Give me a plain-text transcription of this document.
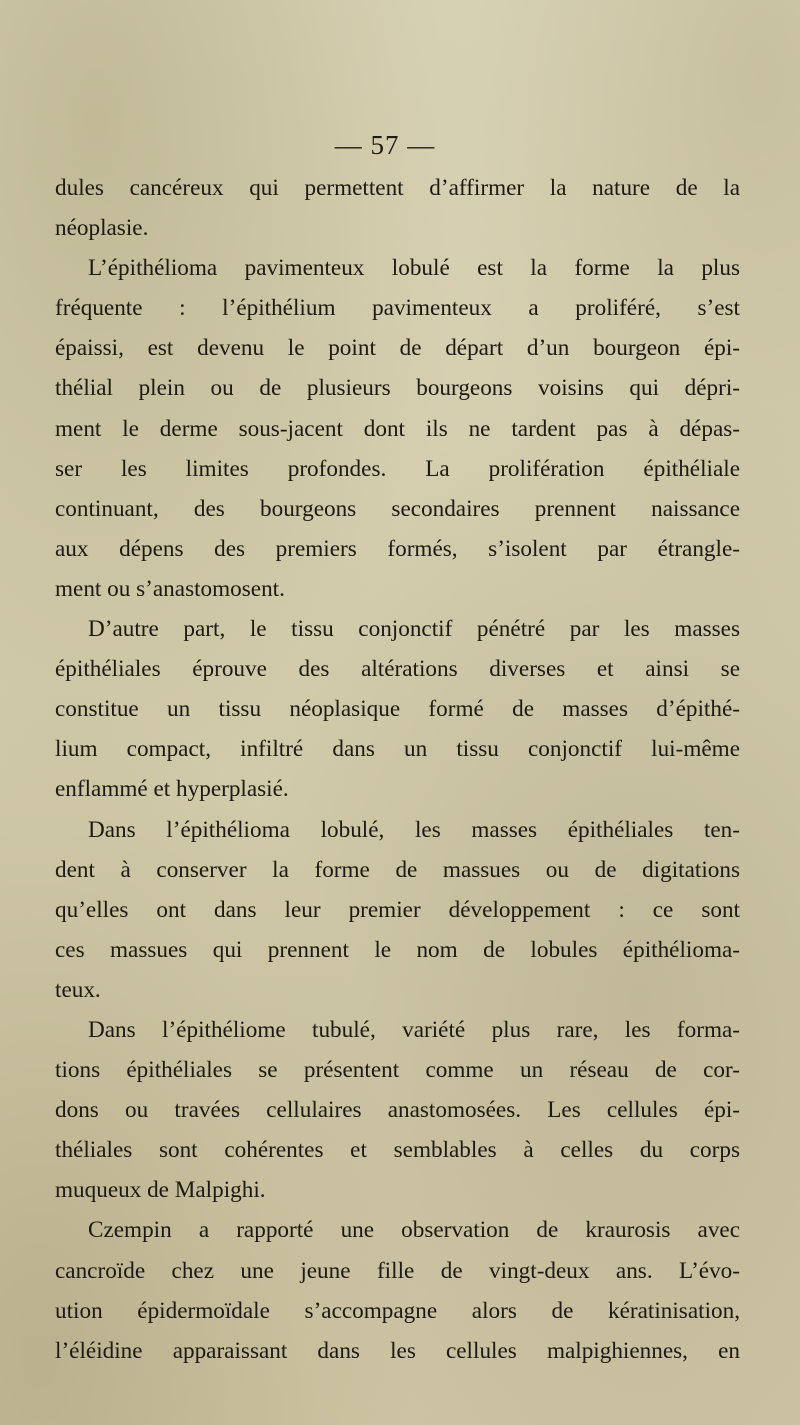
— 57 —
dules cancéreux qui permettent d’affirmer la nature de la
néoplasie.
L’épithélioma pavimenteux lobulé est la forme la plus
fréquente : l’épithélium pavimenteux a proliféré, s’est
épaissi, est devenu le point de départ d’un bourgeon épi-
thélial plein ou de plusieurs bourgeons voisins qui dépri-
ment le derme sous-jacent dont ils ne tardent pas à dépas-
ser les limites profondes. La prolifération épithéliale
continuant, des bourgeons secondaires prennent naissance
aux dépens des premiers formés, s’isolent par étrangle-
ment ou s’anastomosent.
D’autre part, le tissu conjonctif pénétré par les masses
épithéliales éprouve des altérations diverses et ainsi se
constitue un tissu néoplasique formé de masses d’épithé-
lium compact, infiltré dans un tissu conjonctif lui-même
enflammé et hyperplasié.
Dans l’épithélioma lobulé, les masses épithéliales ten-
dent à conserver la forme de massues ou de digitations
qu’elles ont dans leur premier développement : ce sont
ces massues qui prennent le nom de lobules épithélioma-
teux.
Dans l’épithéliome tubulé, variété plus rare, les forma-
tions épithéliales se présentent comme un réseau de cor-
dons ou travées cellulaires anastomosées. Les cellules épi-
théliales sont cohérentes et semblables à celles du corps
muqueux de Malpighi.
Czempin a rapporté une observation de kraurosis avec
cancroïde chez une jeune fille de vingt-deux ans. L’évo-
ution épidermoïdale s’accompagne alors de kératinisation,
l’éléidine apparaissant dans les cellules malpighiennes, en
